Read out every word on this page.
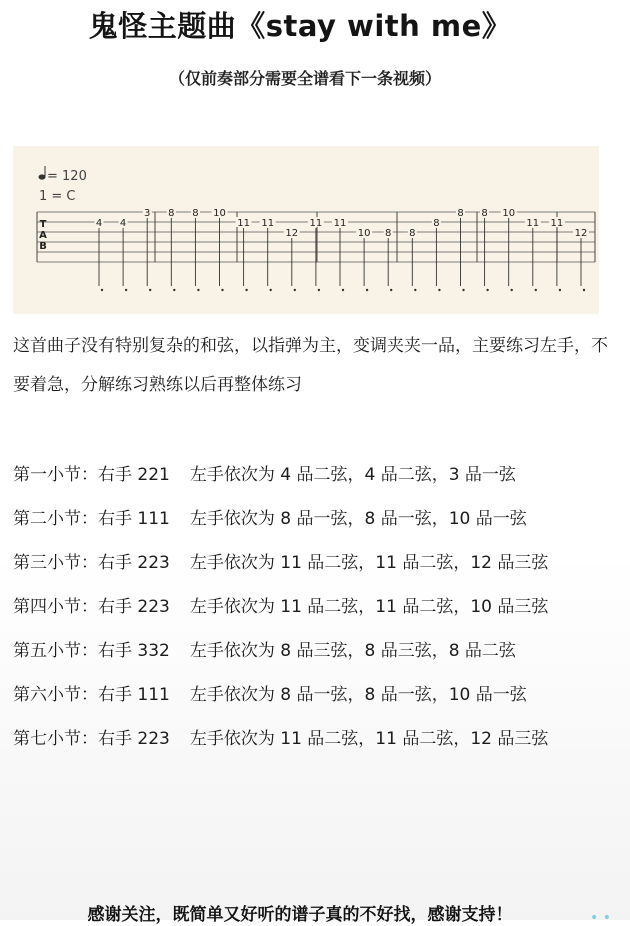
鬼怪主题曲《stay with me》
（仅前奏部分需要全谱看下一条视频）
= 120
1 = C
T
A
B
4 4
3 8 8 10
11 11
12
11 11
10 8 8
8
8 8 10
11 11
12
这首曲子没有特别复杂的和弦，以指弹为主，变调夹夹一品，主要练习左手，不要着急，分解练习熟练以后再整体练习
第一小节：右手 221 左手依次为 4 品二弦，4 品二弦，3 品一弦
第二小节：右手 111 左手依次为 8 品一弦，8 品一弦，10 品一弦
第三小节：右手 223 左手依次为 11 品二弦，11 品二弦，12 品三弦
第四小节：右手 223 左手依次为 11 品二弦，11 品二弦，10 品三弦
第五小节：右手 332 左手依次为 8 品三弦，8 品三弦，8 品二弦
第六小节：右手 111 左手依次为 8 品一弦，8 品一弦，10 品一弦
第七小节：右手 223 左手依次为 11 品二弦，11 品二弦，12 品三弦
感谢关注，既简单又好听的谱子真的不好找，感谢支持！	• •
